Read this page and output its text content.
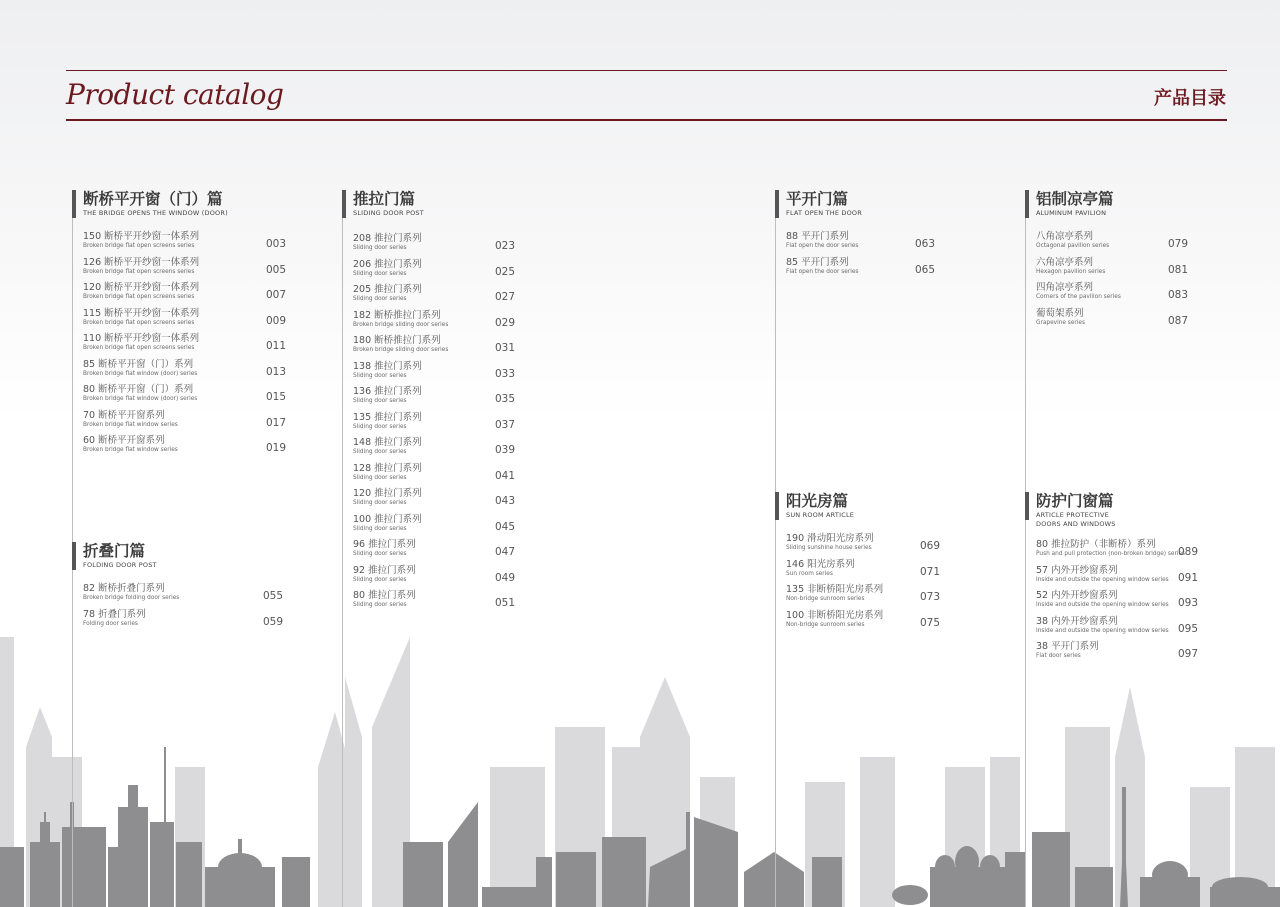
Product catalog	产品目录
断桥平开窗（门）篇
THE BRIDGE OPENS THE WINDOW (DOOR)
150 断桥平开纱窗一体系列
Broken bridge flat open screens series	003
126 断桥平开纱窗一体系列
Broken bridge flat open screens series	005
120 断桥平开纱窗一体系列
Broken bridge flat open screens series	007
115 断桥平开纱窗一体系列
Broken bridge flat open screens series	009
110 断桥平开纱窗一体系列
Broken bridge flat open screens series	011
85 断桥平开窗（门）系列
Broken bridge flat window (door) series	013
80 断桥平开窗（门）系列
Broken bridge flat window (door) series	015
70 断桥平开窗系列
Broken bridge flat window series	017
60 断桥平开窗系列
Broken bridge flat window series	019
折叠门篇
FOLDING DOOR POST
82 断桥折叠门系列
Broken bridge folding door series	055
78 折叠门系列
Folding door series	059
推拉门篇
SLIDING DOOR POST
208 推拉门系列
Sliding door series	023
206 推拉门系列
Sliding door series	025
205 推拉门系列
Sliding door series	027
182 断桥推拉门系列
Broken bridge sliding door series	029
180 断桥推拉门系列
Broken bridge sliding door series	031
138 推拉门系列
Sliding door series	033
136 推拉门系列
Sliding door series	035
135 推拉门系列
Sliding door series	037
148 推拉门系列
Sliding door series	039
128 推拉门系列
Sliding door series	041
120 推拉门系列
Sliding door series	043
100 推拉门系列
Sliding door series	045
96 推拉门系列
Sliding door series	047
92 推拉门系列
Sliding door series	049
80 推拉门系列
Sliding door series	051
平开门篇
FLAT OPEN THE DOOR
88 平开门系列
Flat open the door series	063
85 平开门系列
Flat open the door series	065
阳光房篇
SUN ROOM ARTICLE
190 滑动阳光房系列
Sliding sunshine house series	069
146 阳光房系列
Sun room series	071
135 非断桥阳光房系列
Non-bridge sunroom series	073
100 非断桥阳光房系列
Non-bridge sunroom series	075
铝制凉亭篇
ALUMINUM PAVILION
八角凉亭系列
Octagonal pavilion series	079
六角凉亭系列
Hexagon pavilion series	081
四角凉亭系列
Corners of the pavilion series	083
葡萄架系列
Grapevine series	087
防护门窗篇
ARTICLE PROTECTIVE
DOORS AND WINDOWS
80 推拉防护（非断桥）系列
Push and pull protection (non-broken bridge) series
089
57 内外开纱窗系列
Inside and outside the opening window series 091
52 内外开纱窗系列
Inside and outside the opening window series 093
38 内外开纱窗系列
Inside and outside the opening window series 095
38 平开门系列
Flat door series	097
